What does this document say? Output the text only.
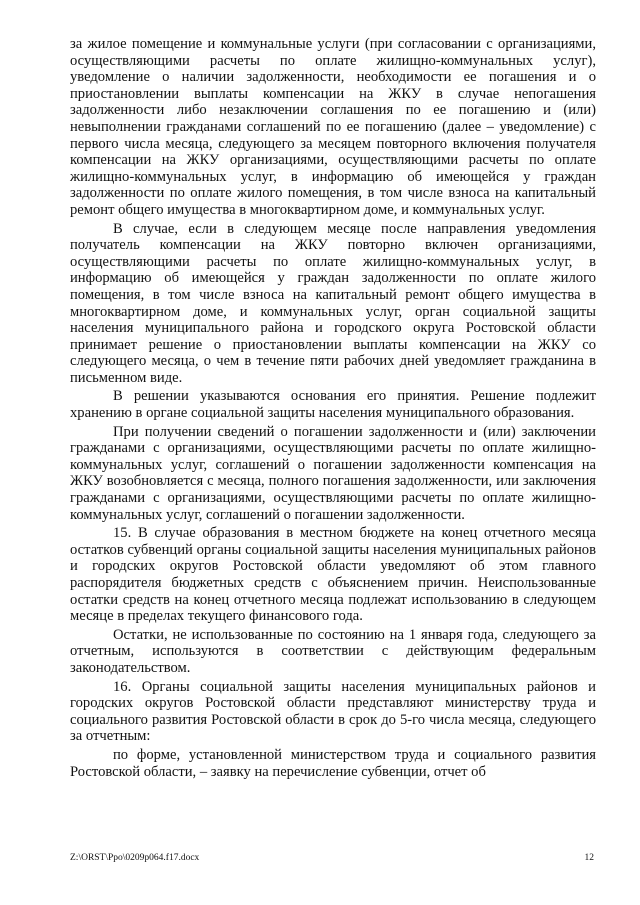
за жилое помещение и коммунальные услуги (при согласовании с организациями, осуществляющими расчеты по оплате жилищно-коммунальных услуг), уведомление о наличии задолженности, необходимости ее погашения и о приостановлении выплаты компенсации на ЖКУ в случае непогашения задолженности либо незаключении соглашения по ее погашению и (или) невыполнении гражданами соглашений по ее погашению (далее – уведомление) с первого числа месяца, следующего за месяцем повторного включения получателя компенсации на ЖКУ организациями, осуществляющими расчеты по оплате жилищно-коммунальных услуг, в информацию об имеющейся у граждан задолженности по оплате жилого помещения, в том числе взноса на капитальный ремонт общего имущества в многоквартирном доме, и коммунальных услуг.

В случае, если в следующем месяце после направления уведомления получатель компенсации на ЖКУ повторно включен организациями, осуществляющими расчеты по оплате жилищно-коммунальных услуг, в информацию об имеющейся у граждан задолженности по оплате жилого помещения, в том числе взноса на капитальный ремонт общего имущества в многоквартирном доме, и коммунальных услуг, орган социальной защиты населения муниципального района и городского округа Ростовской области принимает решение о приостановлении выплаты компенсации на ЖКУ со следующего месяца, о чем в течение пяти рабочих дней уведомляет гражданина в письменном виде.

В решении указываются основания его принятия. Решение подлежит хранению в органе социальной защиты населения муниципального образования.

При получении сведений о погашении задолженности и (или) заключении гражданами с организациями, осуществляющими расчеты по оплате жилищно-коммунальных услуг, соглашений о погашении задолженности компенсация на ЖКУ возобновляется с месяца, полного погашения задолженности, или заключения гражданами с организациями, осуществляющими расчеты по оплате жилищно-коммунальных услуг, соглашений о погашении задолженности.

15. В случае образования в местном бюджете на конец отчетного месяца остатков субвенций органы социальной защиты населения муниципальных районов и городских округов Ростовской области уведомляют об этом главного распорядителя бюджетных средств с объяснением причин. Неиспользованные остатки средств на конец отчетного месяца подлежат использованию в следующем месяце в пределах текущего финансового года.

Остатки, не использованные по состоянию на 1 января года, следующего за отчетным, используются в соответствии с действующим федеральным законодательством.

16. Органы социальной защиты населения муниципальных районов и городских округов Ростовской области представляют министерству труда и социального развития Ростовской области в срок до 5-го числа месяца, следующего за отчетным:

по форме, установленной министерством труда и социального развития Ростовской области, – заявку на перечисление субвенции, отчет об

Z:\ORST\Ppo\0209p064.f17.docx	12
